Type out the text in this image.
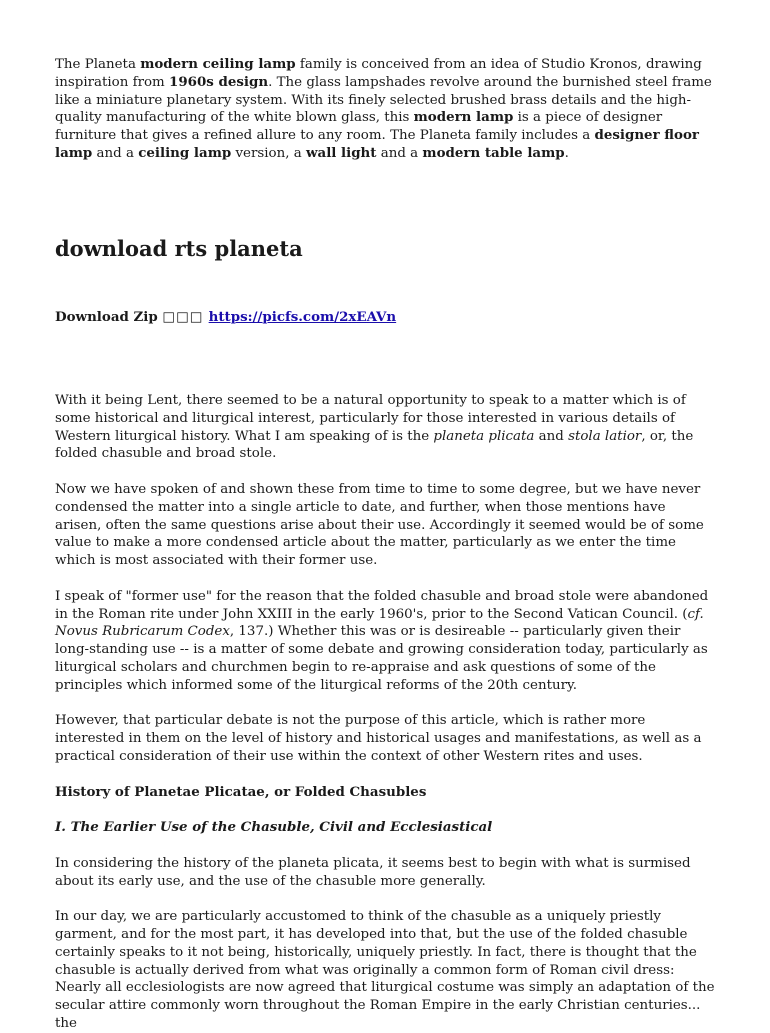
The Planeta modern ceiling lamp family is conceived from an idea of Studio Kronos, drawing inspiration from 1960s design. The glass lampshades revolve around the burnished steel frame like a miniature planetary system. With its finely selected brushed brass details and the high-quality manufacturing of the white blown glass, this modern lamp is a piece of designer furniture that gives a refined allure to any room. The Planeta family includes a designer floor lamp and a ceiling lamp version, a wall light and a modern table lamp.

download rts planeta

Download Zip □□□ https://picfs.com/2xEAVn

With it being Lent, there seemed to be a natural opportunity to speak to a matter which is of some historical and liturgical interest, particularly for those interested in various details of Western liturgical history. What I am speaking of is the planeta plicata and stola latior, or, the folded chasuble and broad stole.

Now we have spoken of and shown these from time to time to some degree, but we have never condensed the matter into a single article to date, and further, when those mentions have arisen, often the same questions arise about their use. Accordingly it seemed would be of some value to make a more condensed article about the matter, particularly as we enter the time which is most associated with their former use.

I speak of "former use" for the reason that the folded chasuble and broad stole were abandoned in the Roman rite under John XXIII in the early 1960's, prior to the Second Vatican Council. (cf. Novus Rubricarum Codex, 137.) Whether this was or is desireable -- particularly given their long-standing use -- is a matter of some debate and growing consideration today, particularly as liturgical scholars and churchmen begin to re-appraise and ask questions of some of the principles which informed some of the liturgical reforms of the 20th century.

However, that particular debate is not the purpose of this article, which is rather more interested in them on the level of history and historical usages and manifestations, as well as a practical consideration of their use within the context of other Western rites and uses.

History of Planetae Plicatae, or Folded Chasubles

I. The Earlier Use of the Chasuble, Civil and Ecclesiastical

In considering the history of the planeta plicata, it seems best to begin with what is surmised about its early use, and the use of the chasuble more generally.

In our day, we are particularly accustomed to think of the chasuble as a uniquely priestly garment, and for the most part, it has developed into that, but the use of the folded chasuble certainly speaks to it not being, historically, uniquely priestly. In fact, there is thought that the chasuble is actually derived from what was originally a common form of Roman civil dress:

Nearly all ecclesiologists are now agreed that liturgical costume was simply an adaptation of the secular attire commonly worn throughout the Roman Empire in the early Christian centuries... the
